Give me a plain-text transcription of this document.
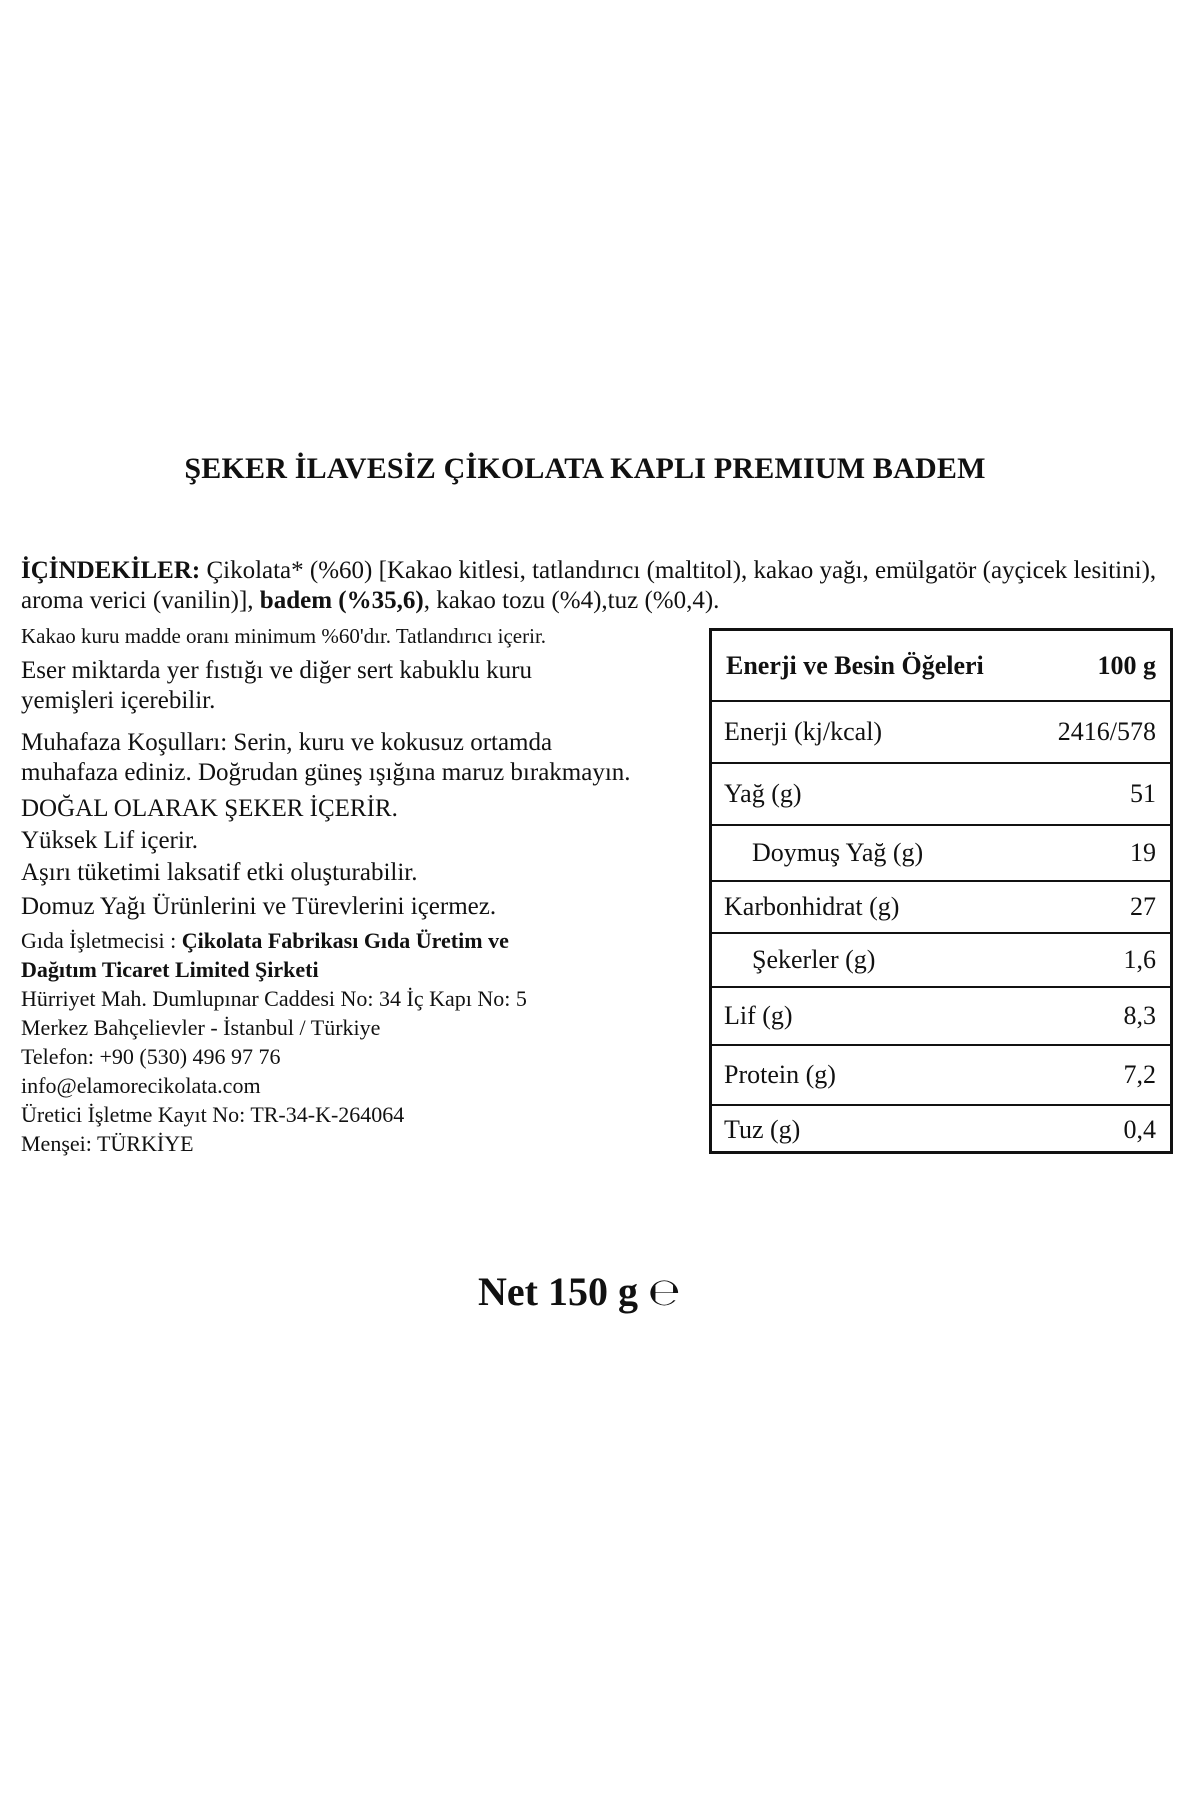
ŞEKER İLAVESİZ ÇİKOLATA KAPLI PREMIUM BADEM
İÇİNDEKİLER: Çikolata* (%60) [Kakao kitlesi, tatlandırıcı (maltitol), kakao yağı, emülgatör (ayçicek lesitini), aroma verici (vanilin)], badem (%35,6), kakao tozu (%4),tuz (%0,4).
Kakao kuru madde oranı minimum %60'dır. Tatlandırıcı içerir.
Eser miktarda yer fıstığı ve diğer sert kabuklu kuru
yemişleri içerebilir.
Muhafaza Koşulları: Serin, kuru ve kokusuz ortamda
muhafaza ediniz. Doğrudan güneş ışığına maruz bırakmayın.
DOĞAL OLARAK ŞEKER İÇERİR.
Yüksek Lif içerir.
Aşırı tüketimi laksatif etki oluşturabilir.
Domuz Yağı Ürünlerini ve Türevlerini içermez.
Gıda İşletmecisi : Çikolata Fabrikası Gıda Üretim ve
Dağıtım Ticaret Limited Şirketi
Hürriyet Mah. Dumlupınar Caddesi No: 34 İç Kapı No: 5
Merkez Bahçelievler - İstanbul / Türkiye
Telefon: +90 (530) 496 97 76
info@elamorecikolata.com
Üretici İşletme Kayıt No: TR-34-K-264064
Menşei: TÜRKİYE
Enerji ve Besin Öğeleri	100 g
Enerji (kj/kcal)	2416/578
Yağ (g)	51
Doymuş Yağ (g)	19
Karbonhidrat (g)	27
Şekerler (g)	1,6
Lif (g)	8,3
Protein (g)	7,2
Tuz (g)	0,4
Net 150 g ℮
